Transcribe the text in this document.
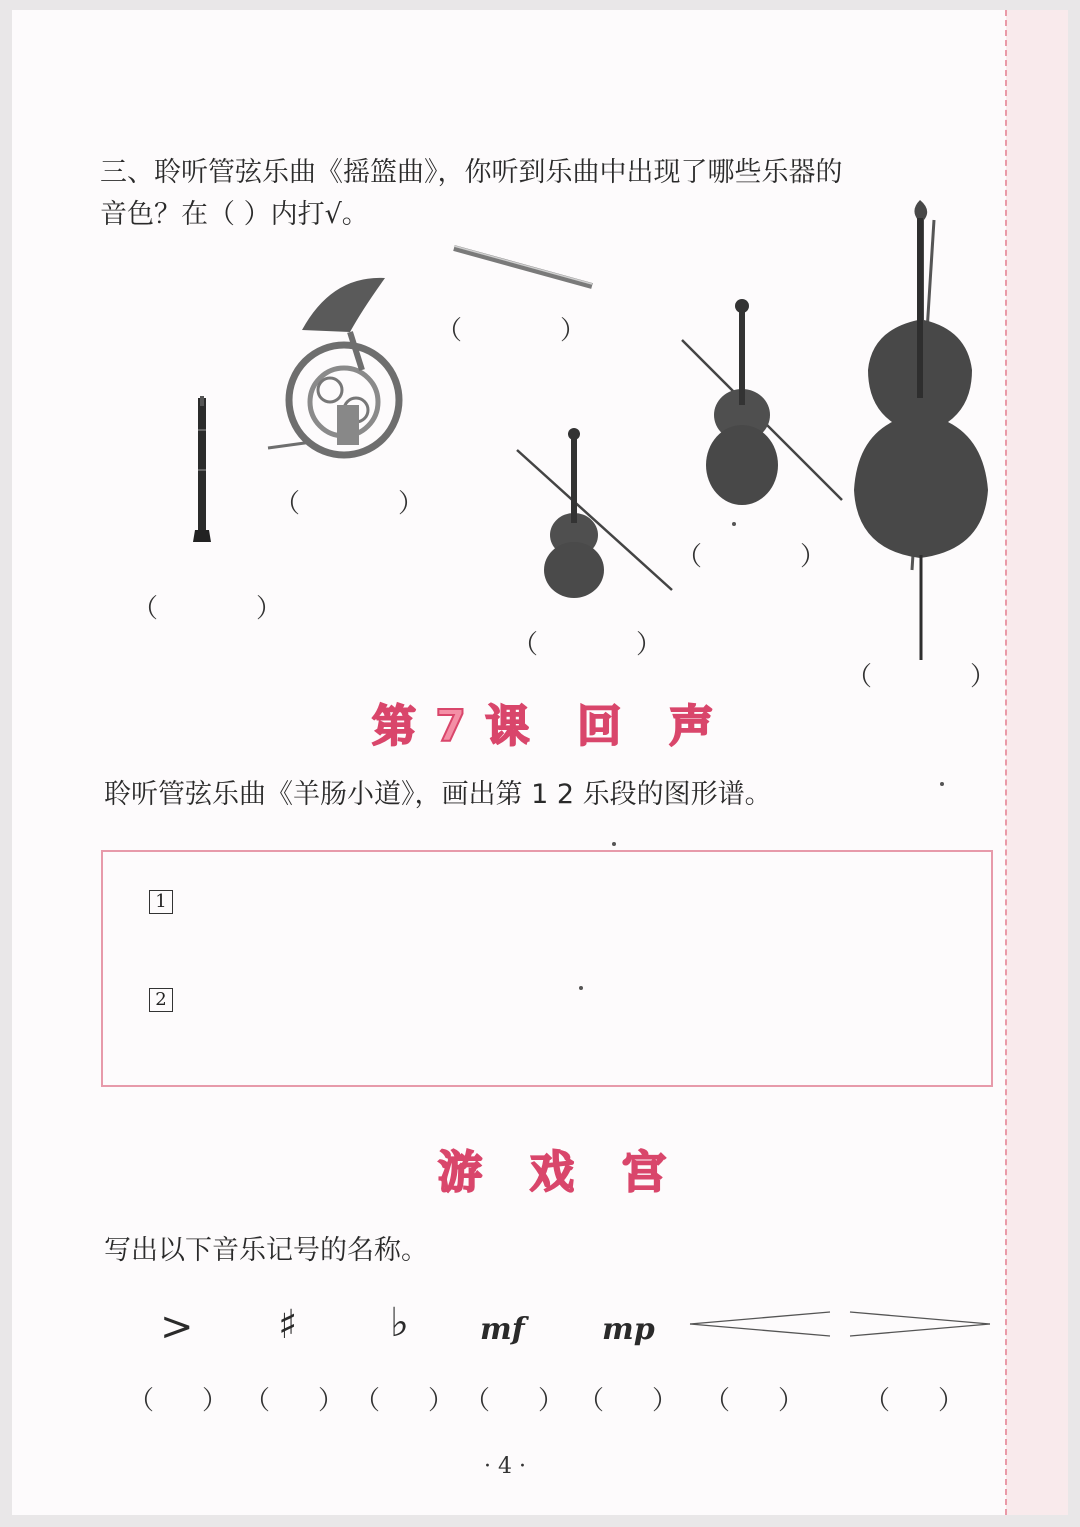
三、聆听管弦乐曲《摇篮曲》，你听到乐曲中出现了哪些乐器的
音色？在（ ）内打√。
（	）
（	）
（	）
（	）
（	）
（	）
第 7 课　回　声
聆听管弦乐曲《羊肠小道》，画出第 1 2 乐段的图形谱。
1
2
游　戏　宫
写出以下音乐记号的名称。
> ♯ ♭ mf	mp
（ ） （ ） （ ） （ ） （ ） （ ） （ ）
· 4 ·
